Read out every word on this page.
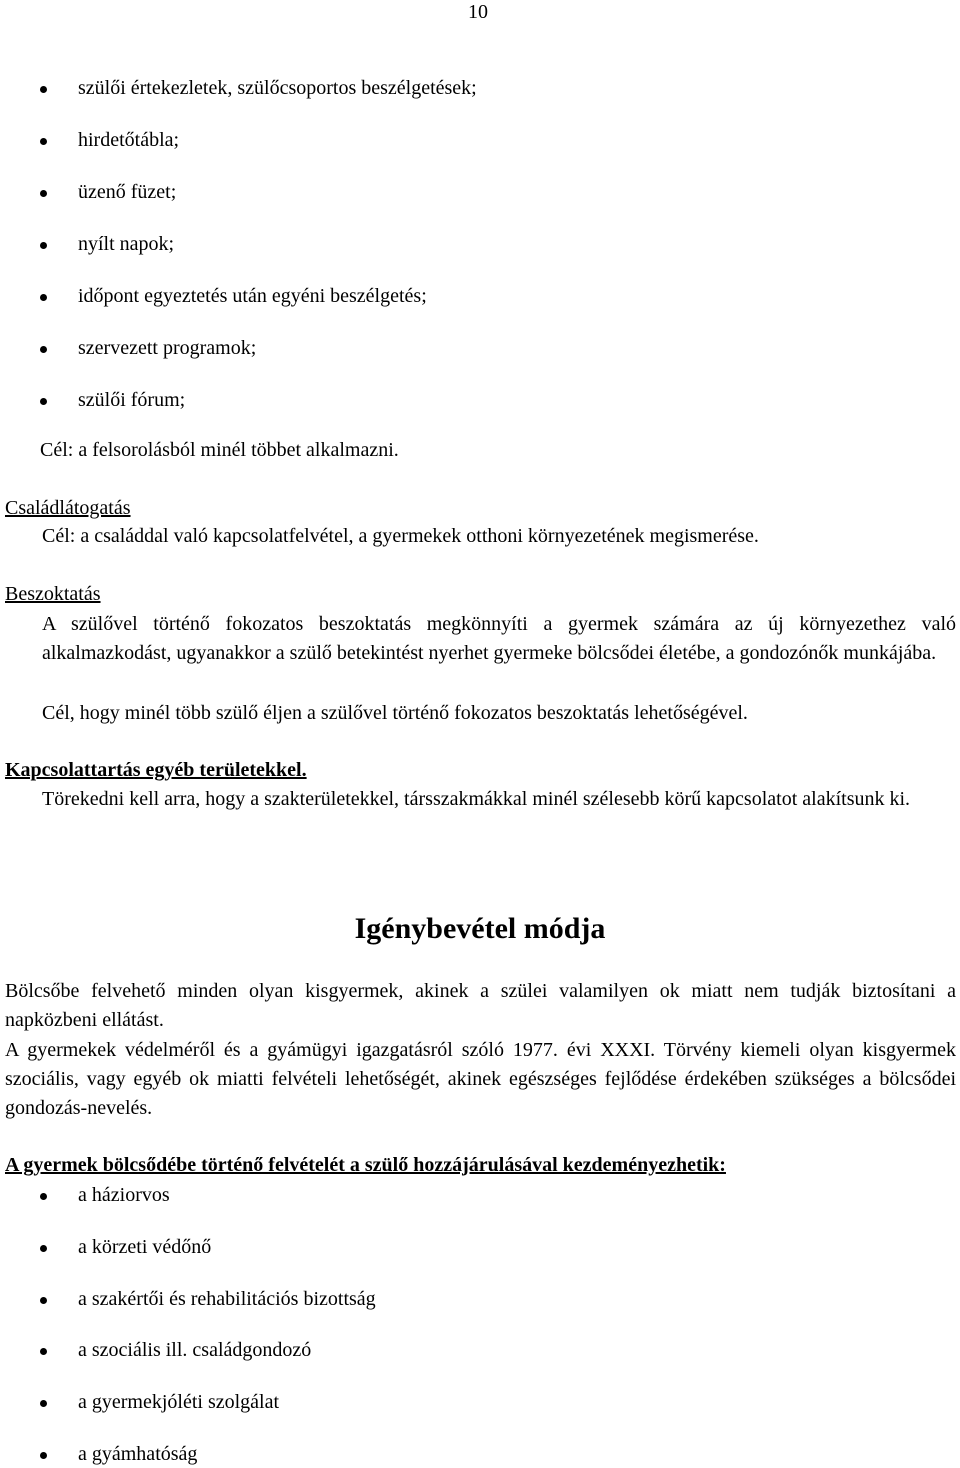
10
szülői értekezletek, szülőcsoportos beszélgetések;
hirdetőtábla;
üzenő füzet;
nyílt napok;
időpont egyeztetés után egyéni beszélgetés;
szervezett programok;
szülői fórum;
Cél: a felsorolásból minél többet alkalmazni.
Családlátogatás
Cél: a családdal való kapcsolatfelvétel, a gyermekek otthoni környezetének megismerése.
Beszoktatás
A szülővel történő fokozatos beszoktatás megkönnyíti a gyermek számára az új környezethez való alkalmazkodást, ugyanakkor a szülő betekintést nyerhet gyermeke bölcsődei életébe, a gondozónők munkájába.
Cél, hogy minél több szülő éljen a szülővel történő fokozatos beszoktatás lehetőségével.
Kapcsolattartás egyéb területekkel.
Törekedni kell arra, hogy a szakterületekkel, társszakmákkal minél szélesebb körű kapcsolatot alakítsunk ki.
Igénybevétel módja
Bölcsőbe felvehető minden olyan kisgyermek, akinek a szülei valamilyen ok miatt nem tudják biztosítani a napközbeni ellátást.
A gyermekek védelméről és a gyámügyi igazgatásról szóló 1977. évi XXXI. Törvény kiemeli olyan kisgyermek szociális, vagy egyéb ok miatti felvételi lehetőségét, akinek egészséges fejlődése érdekében szükséges a bölcsődei gondozás-nevelés.
A gyermek bölcsődébe történő felvételét a szülő hozzájárulásával kezdeményezhetik:
a háziorvos
a körzeti védőnő
a szakértői és rehabilitációs bizottság
a szociális ill. családgondozó
a gyermekjóléti szolgálat
a gyámhatóság
